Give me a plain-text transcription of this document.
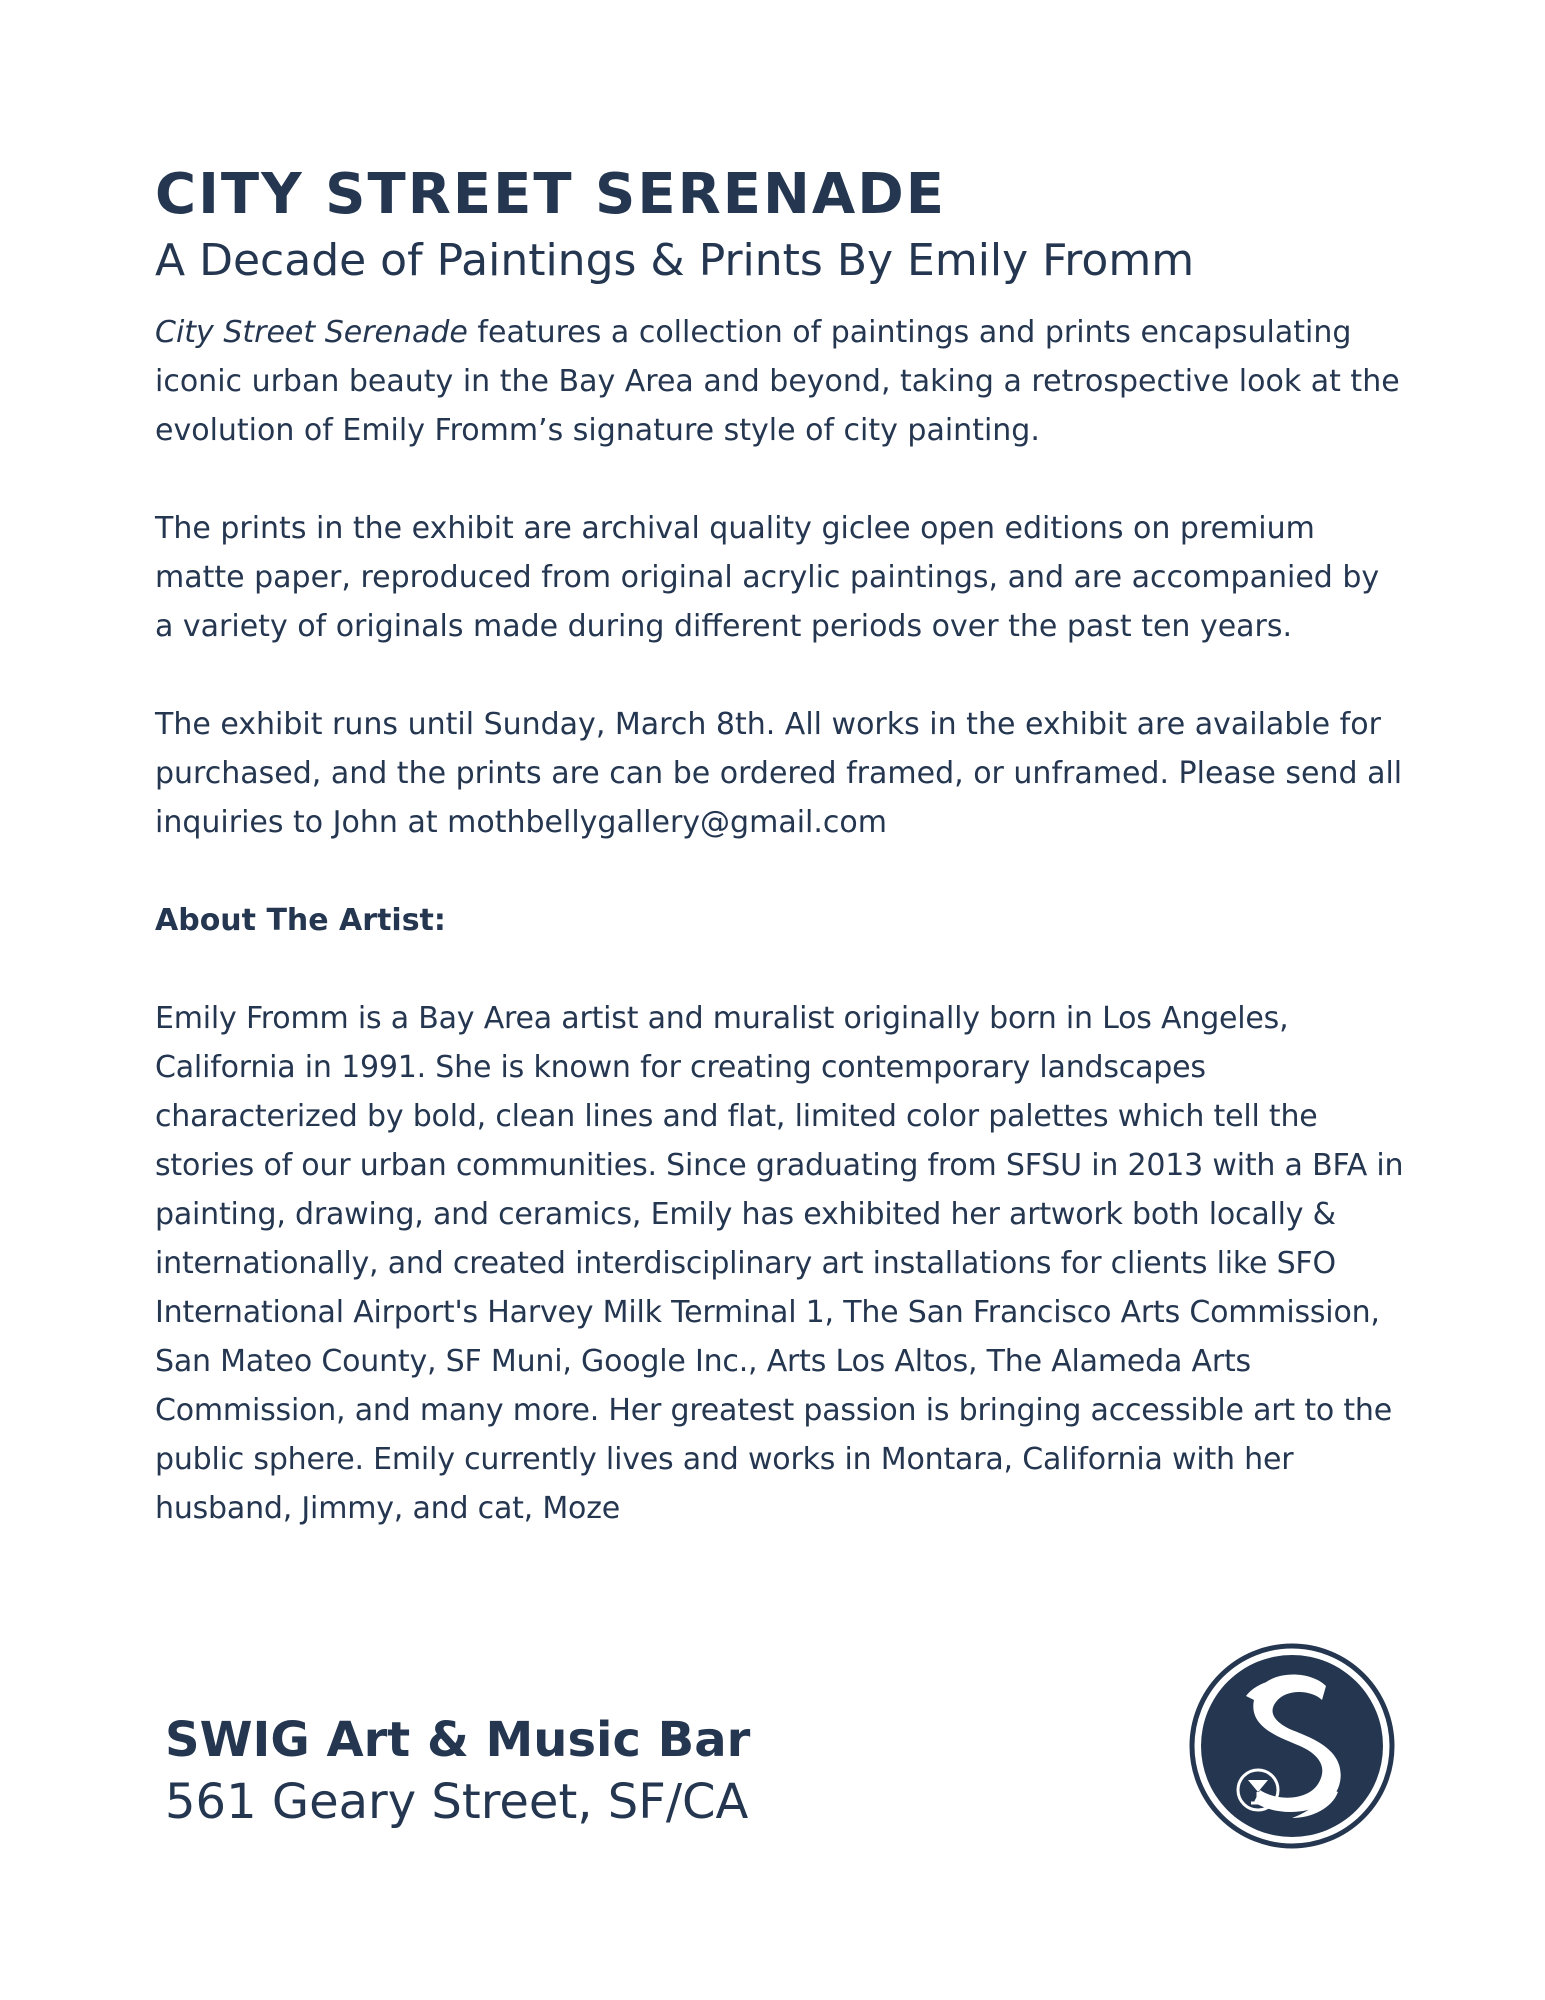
CITY STREET SERENADE
A Decade of Paintings & Prints By Emily Fromm

City Street Serenade features a collection of paintings and prints encapsulating iconic urban beauty in the Bay Area and beyond, taking a retrospective look at the evolution of Emily Fromm’s signature style of city painting.

The prints in the exhibit are archival quality giclee open editions on premium matte paper, reproduced from original acrylic paintings, and are accompanied by a variety of originals made during different periods over the past ten years.

The exhibit runs until Sunday, March 8th. All works in the exhibit are available for purchased, and the prints are can be ordered framed, or unframed. Please send all inquiries to John at mothbellygallery@gmail.com

About The Artist:

Emily Fromm is a Bay Area artist and muralist originally born in Los Angeles, California in 1991. She is known for creating contemporary landscapes characterized by bold, clean lines and flat, limited color palettes which tell the stories of our urban communities. Since graduating from SFSU in 2013 with a BFA in painting, drawing, and ceramics, Emily has exhibited her artwork both locally & internationally, and created interdisciplinary art installations for clients like SFO International Airport's Harvey Milk Terminal 1, The San Francisco Arts Commission, San Mateo County, SF Muni, Google Inc., Arts Los Altos, The Alameda Arts Commission, and many more. Her greatest passion is bringing accessible art to the public sphere. Emily currently lives and works in Montara, California with her husband, Jimmy, and cat, Moze

SWIG Art & Music Bar

561 Geary Street, SF/CA
